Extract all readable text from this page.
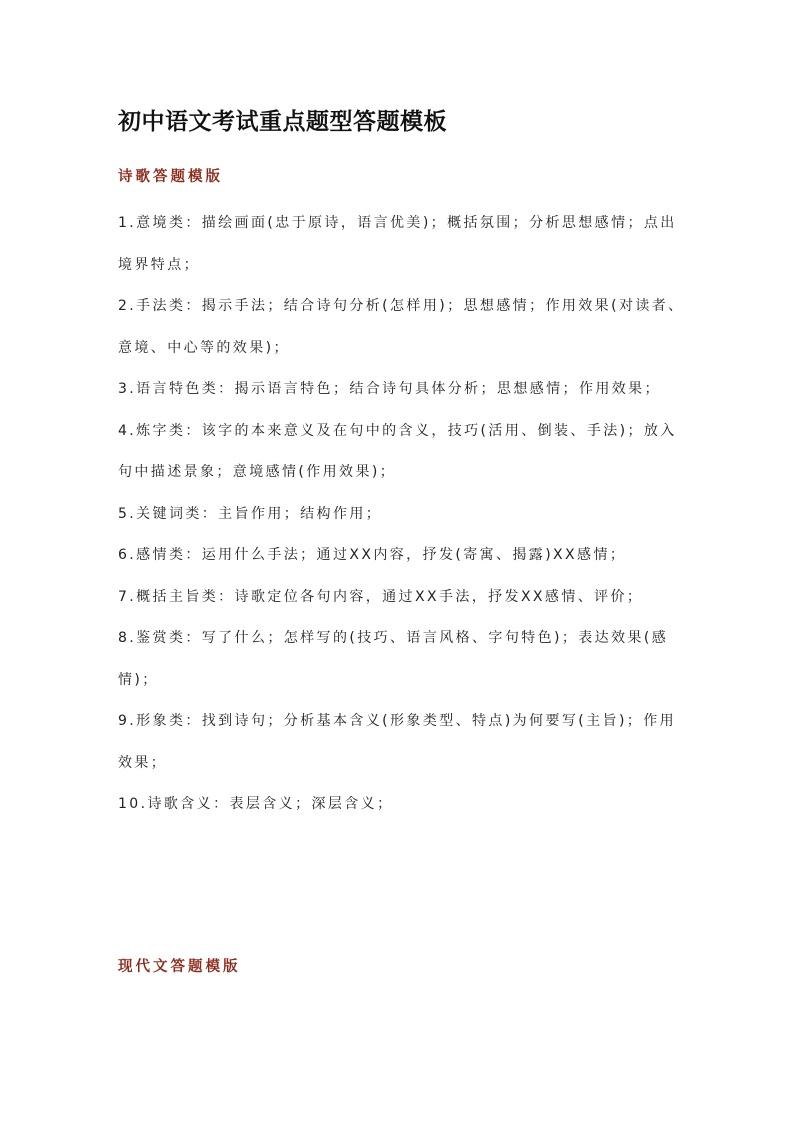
初中语文考试重点题型答题模板
诗歌答题模版
1.意境类：描绘画面(忠于原诗，语言优美)；概括氛围；分析思想感情；点出境界特点；
2.手法类：揭示手法；结合诗句分析(怎样用)；思想感情；作用效果(对读者、意境、中心等的效果)；
3.语言特色类：揭示语言特色；结合诗句具体分析；思想感情；作用效果；
4.炼字类：该字的本来意义及在句中的含义，技巧(活用、倒装、手法)；放入句中描述景象；意境感情(作用效果)；
5.关键词类：主旨作用；结构作用；
6.感情类：运用什么手法；通过XX内容，抒发(寄寓、揭露)XX感情；
7.概括主旨类：诗歌定位各句内容，通过XX手法，抒发XX感情、评价；
8.鉴赏类：写了什么；怎样写的(技巧、语言风格、字句特色)；表达效果(感情)；
9.形象类：找到诗句；分析基本含义(形象类型、特点)为何要写(主旨)；作用效果；
10.诗歌含义：表层含义；深层含义；
现代文答题模版
